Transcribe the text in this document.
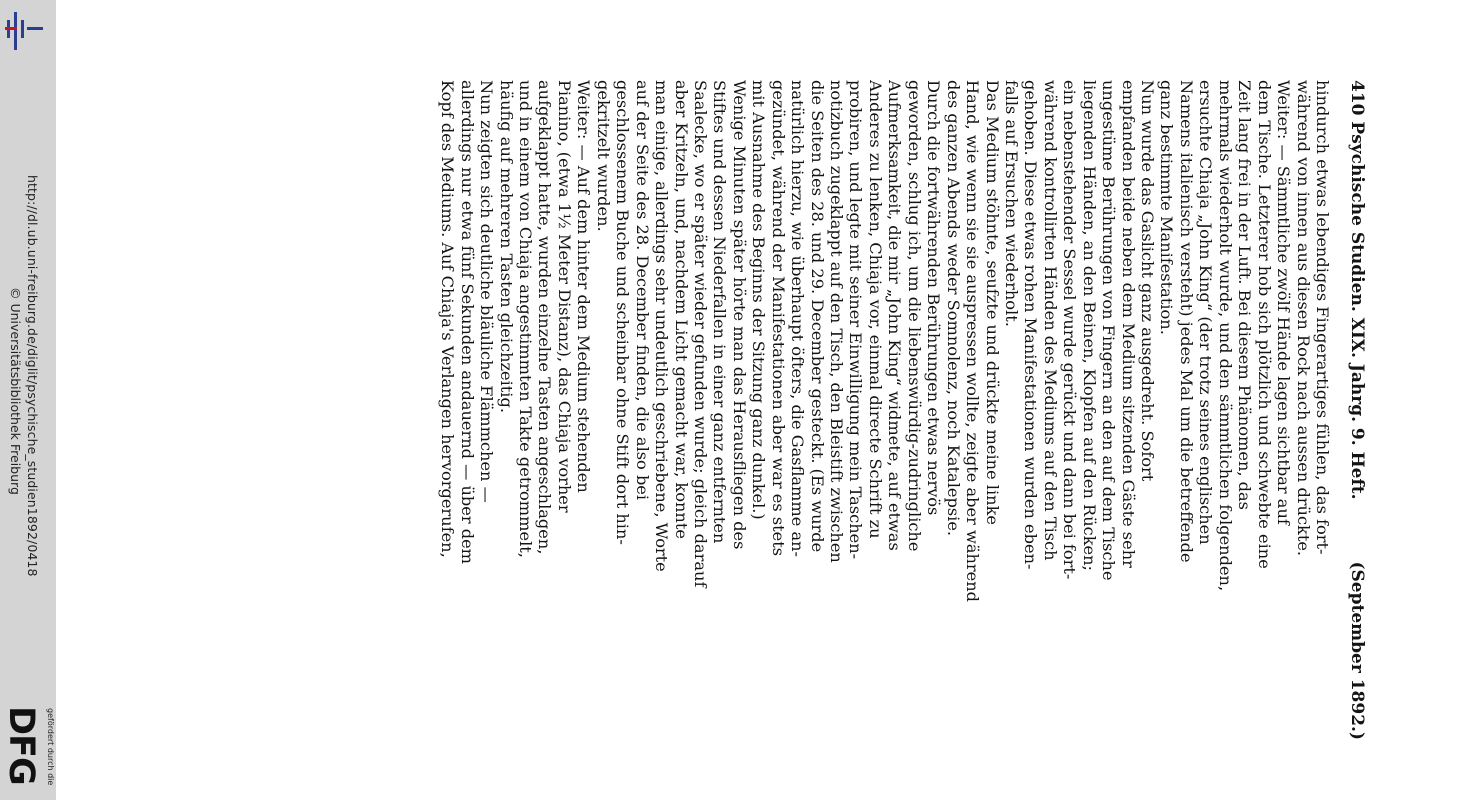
http://dl.ub.uni-freiburg.de/diglit/psychische_studien1892/0418
© Universitätsbibliothek Freiburg
gefördert durch die
DFG
410 Psychische Studien. XIX. Jahrg. 9. Heft.
(September 1892.)
hindurch etwas lebendiges Fingerartiges fühlen, das fort-
während von innen aus diesen Rock nach aussen drückte.
Weiter: — Sämmtliche zwölf Hände lagen sichtbar auf
dem Tische. Letzterer hob sich plötzlich und schwebte eine
Zeit lang frei in der Luft. Bei diesem Phänomen, das
mehrmals wiederholt wurde, und den sämmtlichen folgenden,
ersuchte Chiaja „John King“ (der trotz seines englischen
Namens italienisch versteht) jedes Mal um die betreffende
ganz bestimmte Manifestation.
Nun wurde das Gaslicht ganz ausgedreht. Sofort
empfanden beide neben dem Medium sitzenden Gäste sehr
ungestüme Berührungen von Fingern an den auf dem Tische
liegenden Händen, an den Beinen, Klopfen auf den Rücken;
ein nebenstehender Sessel wurde gerückt und dann bei fort-
während kontrollirten Händen des Mediums auf den Tisch
gehoben. Diese etwas rohen Manifestationen wurden eben-
falls auf Ersuchen wiederholt.
Das Medium stöhnte, seufzte und drückte meine linke
Hand, wie wenn sie sie auspressen wollte, zeigte aber während
des ganzen Abends weder Somnolenz, noch Katalepsie.
Durch die fortwährenden Berührungen etwas nervös
geworden, schlug ich, um die liebenswürdig-zudringliche
Aufmerksamkeit, die mir „John King“ widmete, auf etwas
Anderes zu lenken, Chiaja vor, einmal directe Schrift zu
probiren, und legte mit seiner Einwilligung mein Taschen-
notizbuch zugeklappt auf den Tisch, den Bleistift zwischen
die Seiten des 28. und 29. December gesteckt. (Es wurde
natürlich hierzu, wie überhaupt öfters, die Gasflamme an-
gezündet, während der Manifestationen aber war es stets
mit Ausnahme des Beginns der Sitzung ganz dunkel.)
Wenige Minuten später hörte man das Herausfliegen des
Stiftes und dessen Niederfallen in einer ganz entfernten
Saalecke, wo er später wieder gefunden wurde; gleich darauf
aber Kritzeln, und, nachdem Licht gemacht war, konnte
man einige, allerdings sehr undeutlich geschriebene, Worte
auf der Seite des 28. December finden, die also bei
geschlossenem Buche und scheinbar ohne Stift dort hin-
gekritzelt wurden.
Weiter: — Auf dem hinter dem Medium stehenden
Pianino, (etwa 1½ Meter Distanz), das Chiaja vorher
aufgeklappt hatte, wurden einzelne Tasten angeschlagen,
und in einem von Chiaja angestimmten Takte getrommelt,
häufig auf mehreren Tasten gleichzeitig.
Nun zeigten sich deutliche bläuliche Flämmchen —
allerdings nur etwa fünf Sekunden andauernd — über dem
Kopf des Mediums. Auf Chiaja's Verlangen hervorgerufen,
